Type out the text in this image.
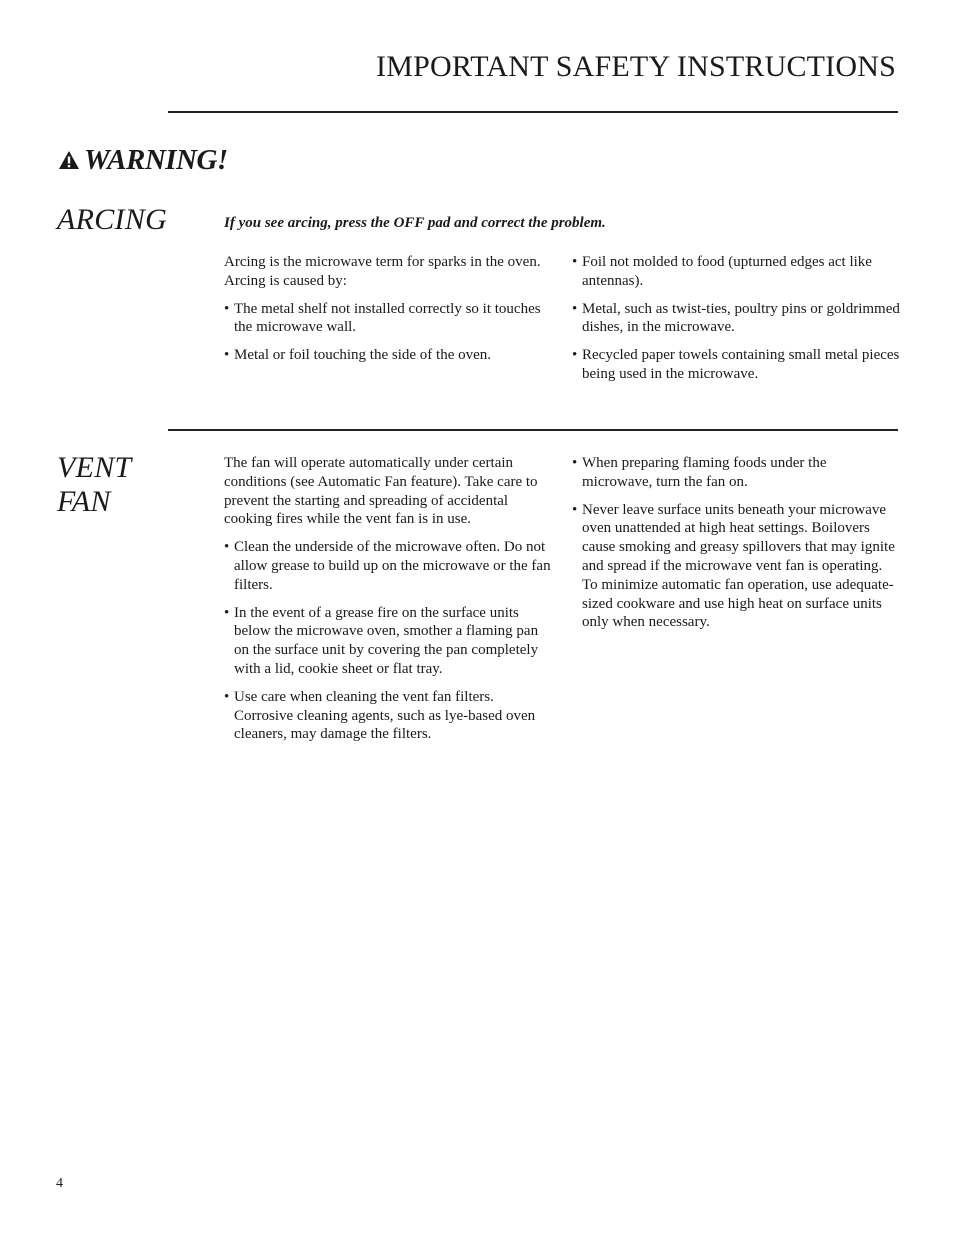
IMPORTANT SAFETY INSTRUCTIONS
WARNING!
ARCING	If you see arcing, press the OFF pad and correct the problem.

Arcing is the microwave term for sparks in the oven. Arcing is caused by:

• The metal shelf not installed correctly so it touches the microwave wall.
• Metal or foil touching the side of the oven.
• Foil not molded to food (upturned edges act like antennas).
• Metal, such as twist-ties, poultry pins or goldrimmed dishes, in the microwave.
• Recycled paper towels containing small metal pieces being used in the microwave.
VENT
FAN

The fan will operate automatically under certain conditions (see Automatic Fan feature). Take care to prevent the starting and spreading of accidental cooking fires while the vent fan is in use.

• Clean the underside of the microwave often. Do not allow grease to build up on the microwave or the fan filters.
• In the event of a grease fire on the surface units below the microwave oven, smother a flaming pan on the surface unit by covering the pan completely with a lid, cookie sheet or flat tray.
• Use care when cleaning the vent fan filters. Corrosive cleaning agents, such as lye-based oven cleaners, may damage the filters.
• When preparing flaming foods under the microwave, turn the fan on.
• Never leave surface units beneath your microwave oven unattended at high heat settings. Boilovers cause smoking and greasy spillovers that may ignite and spread if the microwave vent fan is operating. To minimize automatic fan operation, use adequate-sized cookware and use high heat on surface units only when necessary.
4
